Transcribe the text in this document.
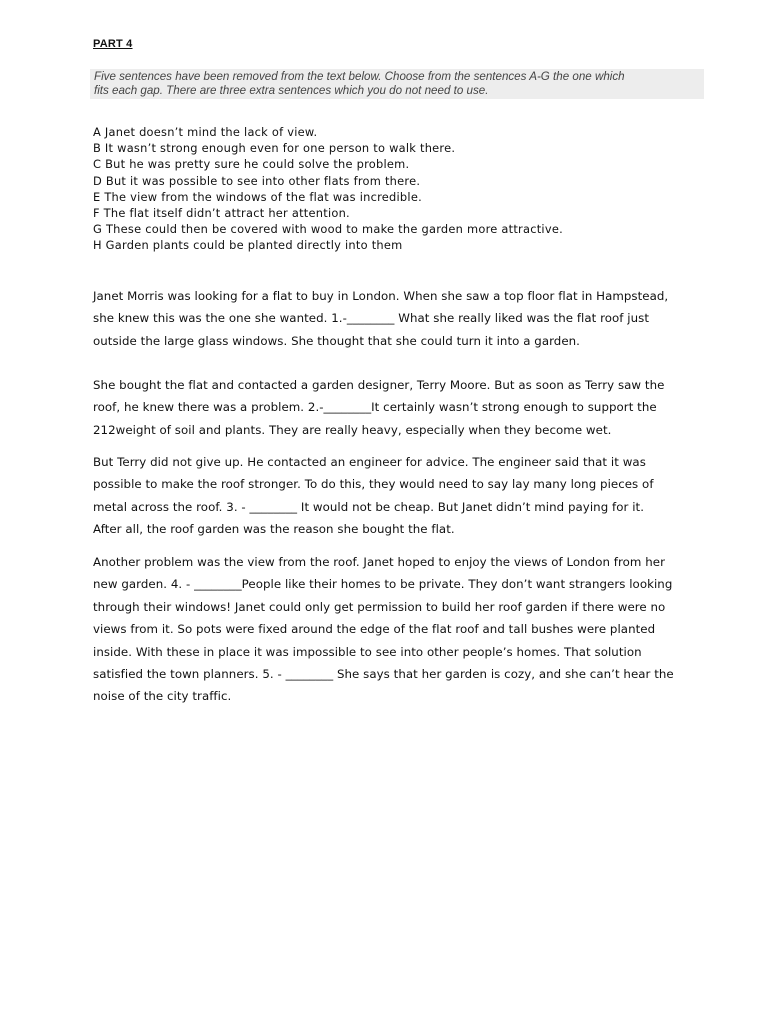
PART 4
Five sentences have been removed from the text below. Choose from the sentences A-G the one which
fits each gap. There are three extra sentences which you do not need to use.
A Janet doesn’t mind the lack of view.
B It wasn’t strong enough even for one person to walk there.
C But he was pretty sure he could solve the problem.
D But it was possible to see into other flats from there.
E The view from the windows of the flat was incredible.
F The flat itself didn’t attract her attention.
G These could then be covered with wood to make the garden more attractive.
H Garden plants could be planted directly into them
Janet Morris was looking for a flat to buy in London. When she saw a top floor flat in Hampstead,
she knew this was the one she wanted. 1.-________ What she really liked was the flat roof just
outside the large glass windows. She thought that she could turn it into a garden.
She bought the flat and contacted a garden designer, Terry Moore. But as soon as Terry saw the
roof, he knew there was a problem. 2.-________It certainly wasn’t strong enough to support the
212weight of soil and plants. They are really heavy, especially when they become wet.
But Terry did not give up. He contacted an engineer for advice. The engineer said that it was
possible to make the roof stronger. To do this, they would need to say lay many long pieces of
metal across the roof. 3. - ________ It would not be cheap. But Janet didn’t mind paying for it.
After all, the roof garden was the reason she bought the flat.
Another problem was the view from the roof. Janet hoped to enjoy the views of London from her
new garden. 4. - ________People like their homes to be private. They don’t want strangers looking
through their windows! Janet could only get permission to build her roof garden if there were no
views from it. So pots were fixed around the edge of the flat roof and tall bushes were planted
inside. With these in place it was impossible to see into other people’s homes. That solution
satisfied the town planners. 5. - ________ She says that her garden is cozy, and she can’t hear the
noise of the city traffic.
